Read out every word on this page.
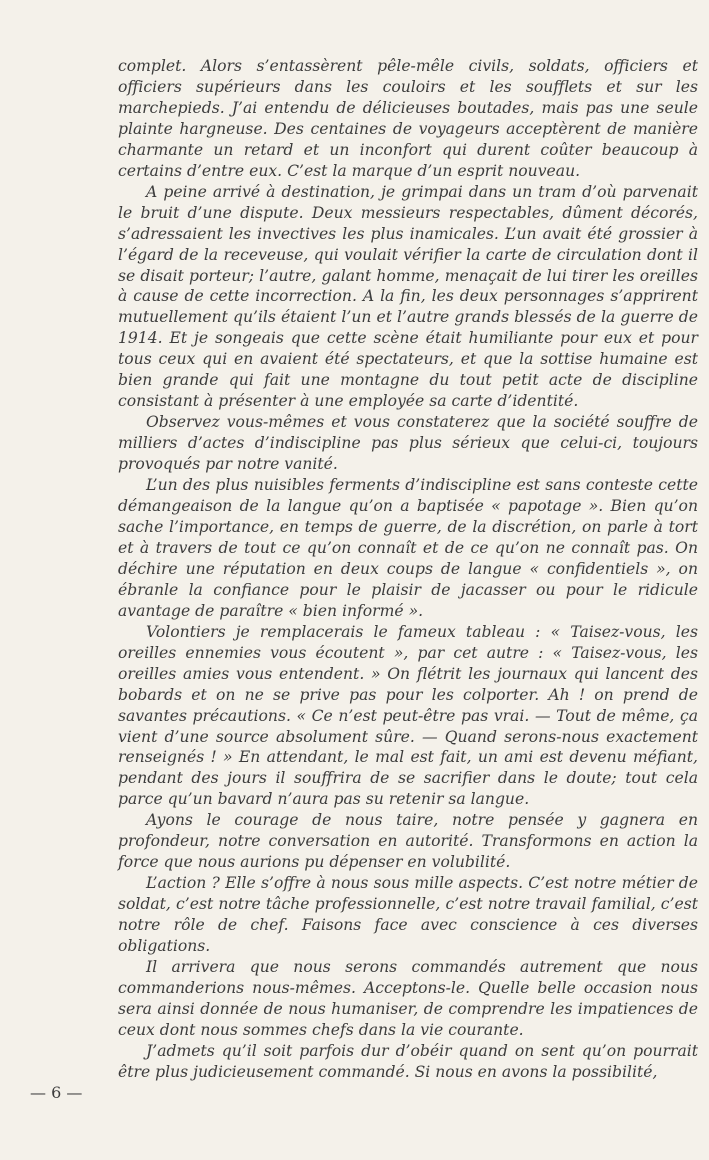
complet. Alors s’entassèrent pêle-mêle civils, soldats, officiers et officiers supérieurs dans les couloirs et les soufflets et sur les marchepieds. J’ai entendu de délicieuses boutades, mais pas une seule plainte hargneuse. Des centaines de voyageurs acceptèrent de manière charmante un retard et un inconfort qui durent coûter beaucoup à certains d’entre eux. C’est la marque d’un esprit nouveau.

A peine arrivé à destination, je grimpai dans un tram d’où parvenait le bruit d’une dispute. Deux messieurs respectables, dûment décorés, s’adressaient les invectives les plus inamicales. L’un avait été grossier à l’égard de la receveuse, qui voulait vérifier la carte de circulation dont il se disait porteur; l’autre, galant homme, menaçait de lui tirer les oreilles à cause de cette incorrection. A la fin, les deux personnages s’apprirent mutuellement qu’ils étaient l’un et l’autre grands blessés de la guerre de 1914. Et je songeais que cette scène était humiliante pour eux et pour tous ceux qui en avaient été spectateurs, et que la sottise humaine est bien grande qui fait une montagne du tout petit acte de discipline consistant à présenter à une employée sa carte d’identité.

Observez vous-mêmes et vous constaterez que la société souffre de milliers d’actes d’indiscipline pas plus sérieux que celui-ci, toujours provoqués par notre vanité.

L’un des plus nuisibles ferments d’indiscipline est sans conteste cette démangeaison de la langue qu’on a baptisée « papotage ». Bien qu’on sache l’importance, en temps de guerre, de la discrétion, on parle à tort et à travers de tout ce qu’on connaît et de ce qu’on ne connaît pas. On déchire une réputation en deux coups de langue « confidentiels », on ébranle la confiance pour le plaisir de jacasser ou pour le ridicule avantage de paraître « bien informé ».

Volontiers je remplacerais le fameux tableau : « Taisez-vous, les oreilles ennemies vous écoutent », par cet autre : « Taisez-vous, les oreilles amies vous entendent. » On flétrit les journaux qui lancent des bobards et on ne se prive pas pour les colporter. Ah ! on prend de savantes précautions. « Ce n’est peut-être pas vrai. — Tout de même, ça vient d’une source absolument sûre. — Quand serons-nous exactement renseignés ! » En attendant, le mal est fait, un ami est devenu méfiant, pendant des jours il souffrira de se sacrifier dans le doute; tout cela parce qu’un bavard n’aura pas su retenir sa langue.

Ayons le courage de nous taire, notre pensée y gagnera en profondeur, notre conversation en autorité. Transformons en action la force que nous aurions pu dépenser en volubilité.

L’action ? Elle s’offre à nous sous mille aspects. C’est notre métier de soldat, c’est notre tâche professionnelle, c’est notre travail familial, c’est notre rôle de chef. Faisons face avec conscience à ces diverses obligations.

Il arrivera que nous serons commandés autrement que nous commanderions nous-mêmes. Acceptons-le. Quelle belle occasion nous sera ainsi donnée de nous humaniser, de comprendre les impatiences de ceux dont nous sommes chefs dans la vie courante.

J’admets qu’il soit parfois dur d’obéir quand on sent qu’on pourrait être plus judicieusement commandé. Si nous en avons la possibilité,

— 6 —
